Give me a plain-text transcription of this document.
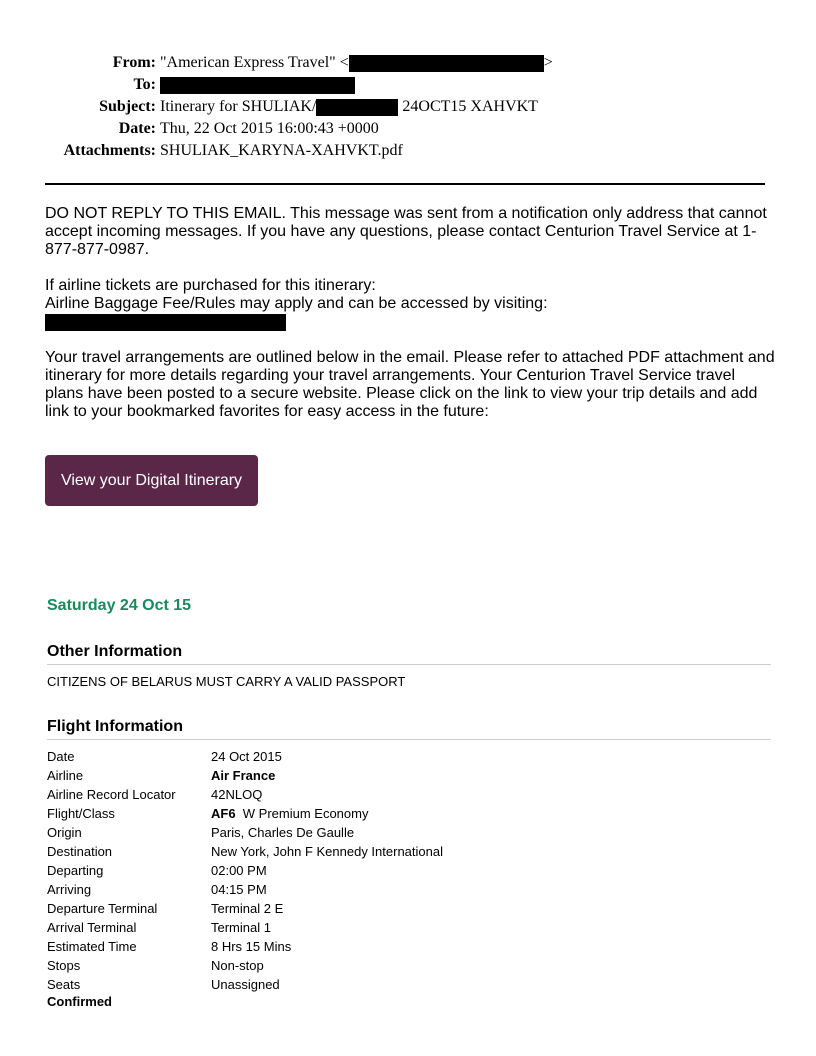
From: "American Express Travel" <	>
To:
Subject: Itinerary for SHULIAK/	24OCT15 XAHVKT
Date: Thu, 22 Oct 2015 16:00:43 +0000
Attachments: SHULIAK_KARYNA-XAHVKT.pdf

DO NOT REPLY TO THIS EMAIL. This message was sent from a notification only address that cannot accept incoming messages. If you have any questions, please contact Centurion Travel Service at 1-877-877-0987.

If airline tickets are purchased for this itinerary:

Airline Baggage Fee/Rules may apply and can be accessed by visiting:

Your travel arrangements are outlined below in the email. Please refer to attached PDF attachment and itinerary for more details regarding your travel arrangements. Your Centurion Travel Service travel plans have been posted to a secure website. Please click on the link to view your trip details and add link to your bookmarked favorites for easy access in the future:

View your Digital Itinerary
Saturday 24 Oct 15
Other Information
CITIZENS OF BELARUS MUST CARRY A VALID PASSPORT
Flight Information
Date	24 Oct 2015
Airline	Air France
Airline Record Locator	42NLOQ
Flight/Class	AF6  W Premium Economy
Origin	Paris, Charles De Gaulle
Destination	New York, John F Kennedy International
Departing	02:00 PM
Arriving	04:15 PM
Departure Terminal	Terminal 2 E
Arrival Terminal	Terminal 1
Estimated Time	8 Hrs 15 Mins
Stops	Non-stop
Seats	Unassigned
Confirmed
